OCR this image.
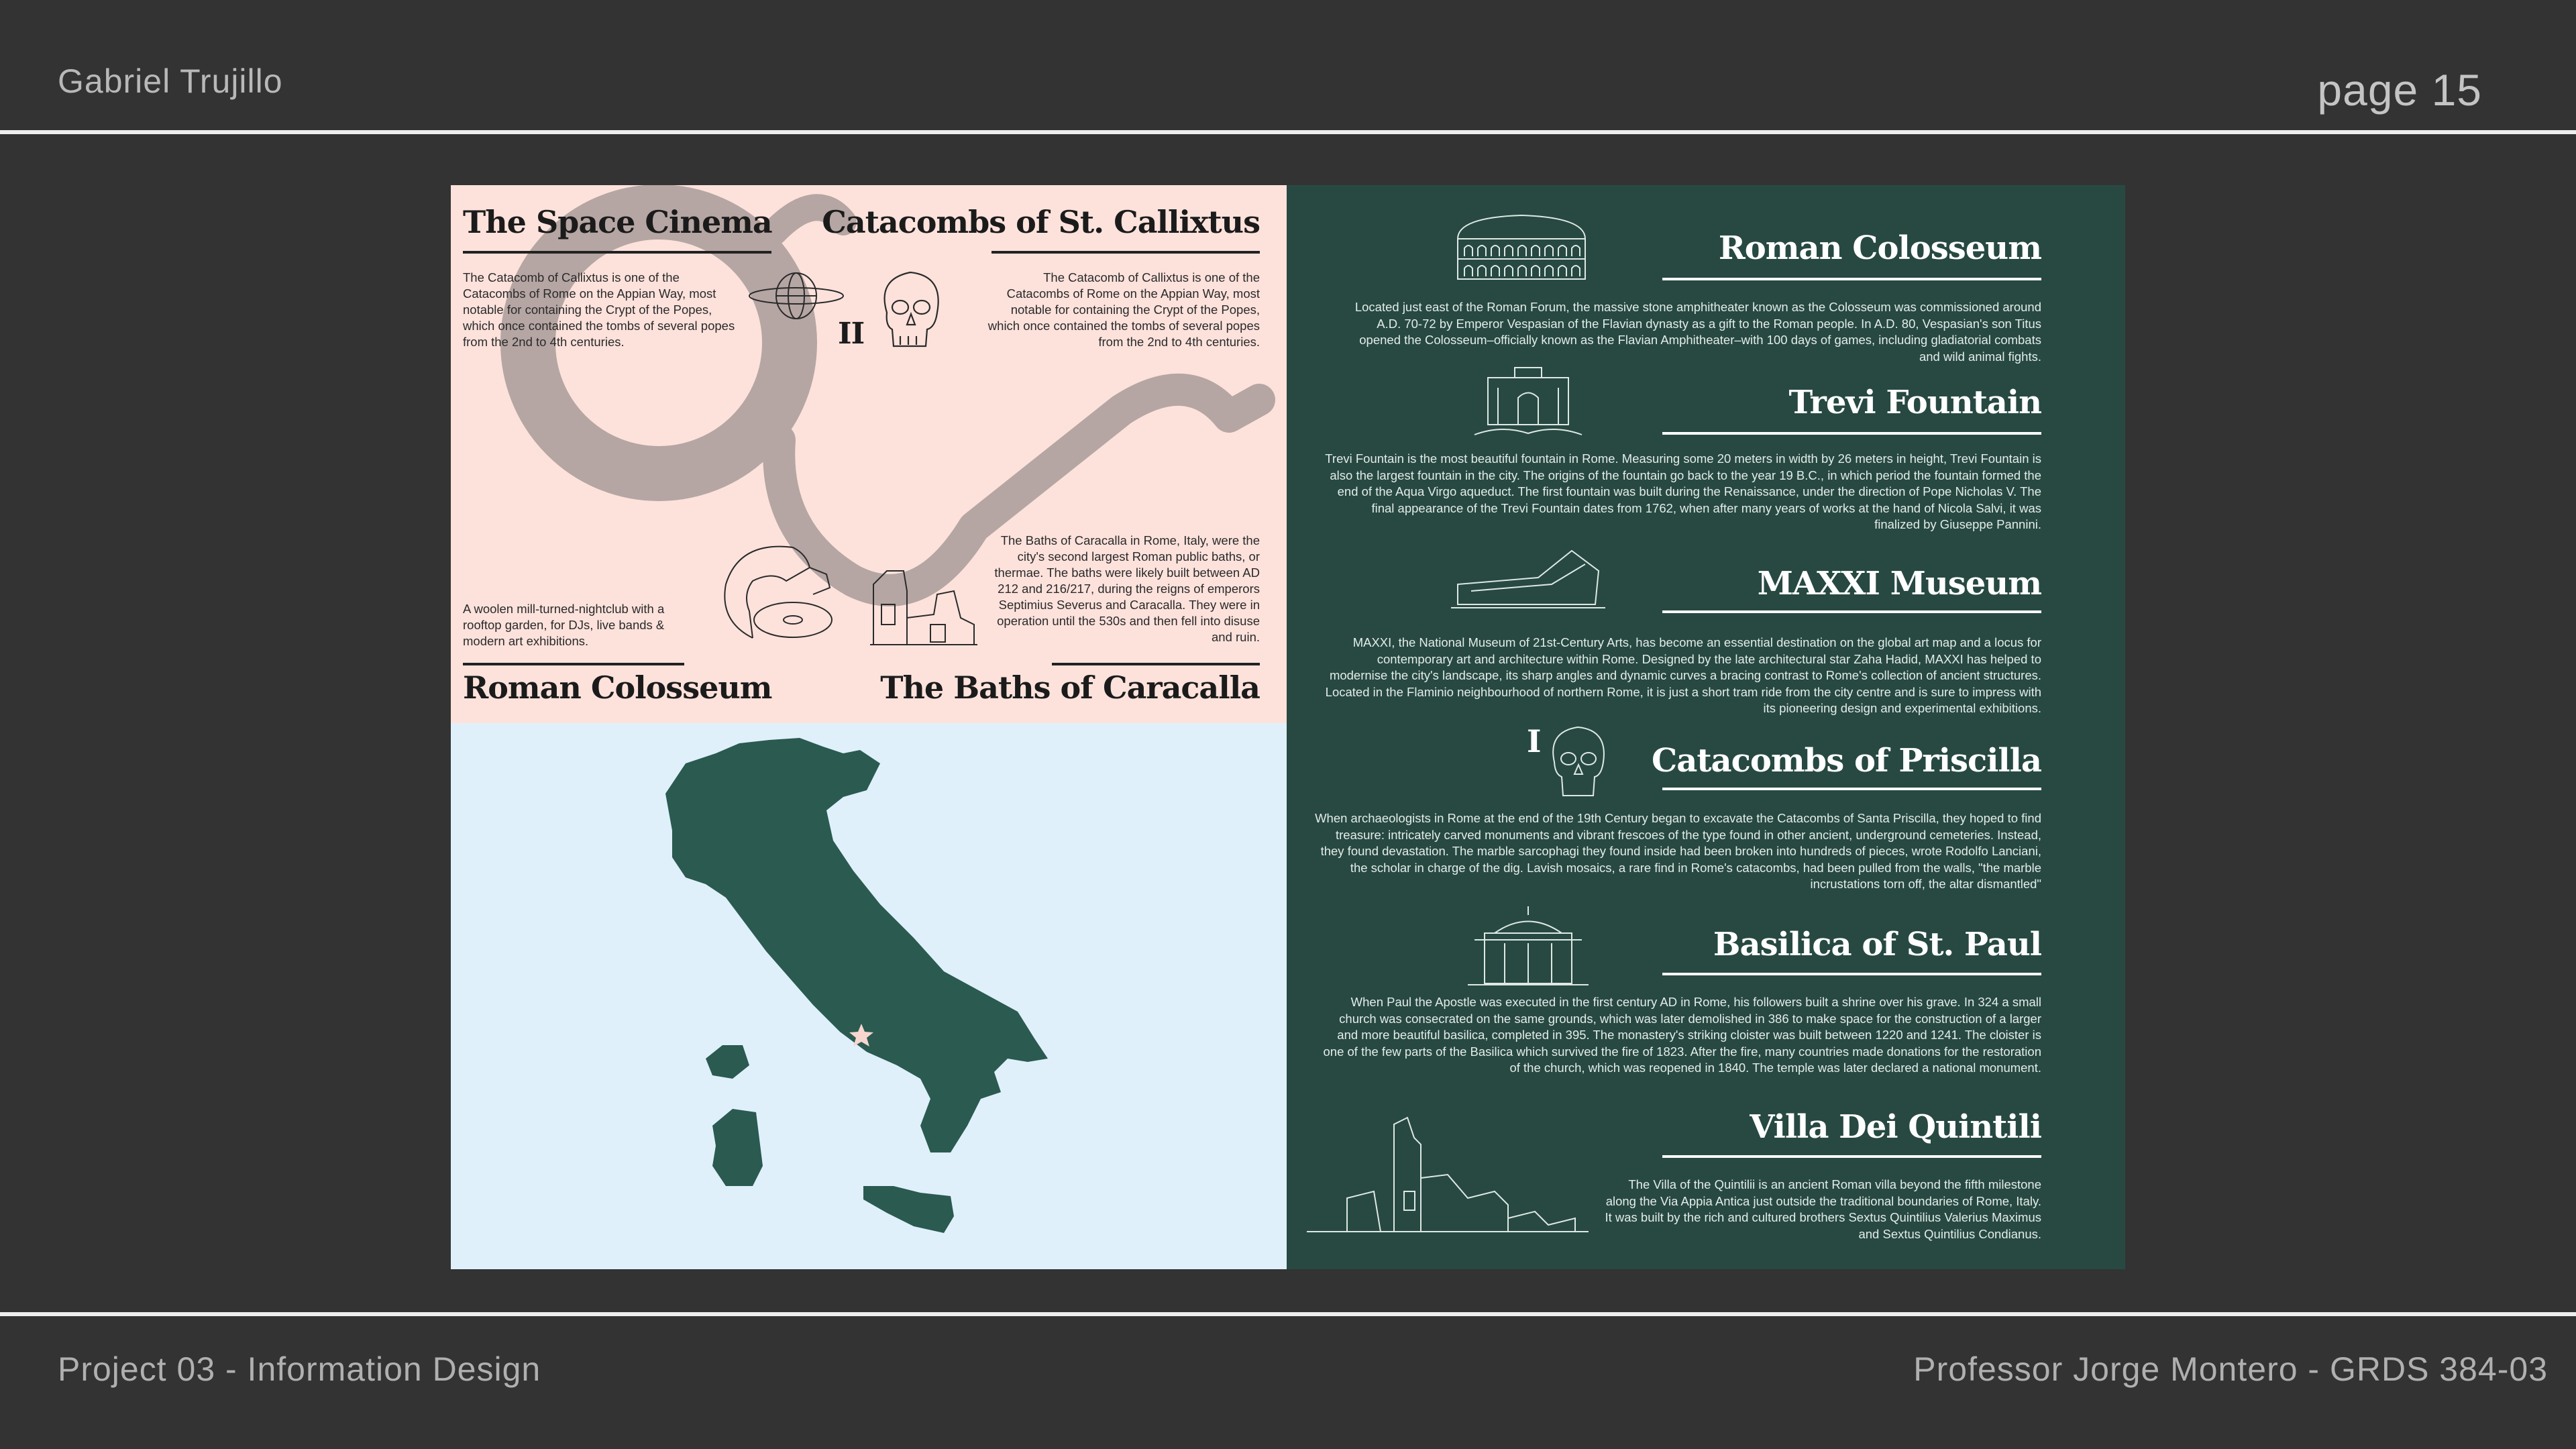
Gabriel Trujillo	page 15
The Space Cinema
The Catacomb of Callixtus is one of the Catacombs of Rome on the Appian Way, most notable for containing the Crypt of the Popes, which once contained the tombs of several popes from the 2nd to 4th centuries.
Catacombs of St. Callixtus
The Catacomb of Callixtus is one of the Catacombs of Rome on the Appian Way, most notable for containing the Crypt of the Popes, which once contained the tombs of several popes from the 2nd to 4th centuries.
II
The Baths of Caracalla in Rome, Italy, were the city's second largest Roman public baths, or thermae. The baths were likely built between AD 212 and 216/217, during the reigns of emperors Septimius Severus and Caracalla. They were in operation until the 530s and then fell into disuse and ruin.
A woolen mill-turned-nightclub with a rooftop garden, for DJs, live bands & modern art exhibitions.
Roman Colosseum	The Baths of Caracalla
I
Roman Colosseum
Located just east of the Roman Forum, the massive stone amphitheater known as the Colosseum was commissioned around A.D. 70-72 by Emperor Vespasian of the Flavian dynasty as a gift to the Roman people. In A.D. 80, Vespasian's son Titus opened the Colosseum–officially known as the Flavian Amphitheater–with 100 days of games, including gladiatorial combats and wild animal fights.
Trevi Fountain
Trevi Fountain is the most beautiful fountain in Rome. Measuring some 20 meters in width by 26 meters in height, Trevi Fountain is also the largest fountain in the city. The origins of the fountain go back to the year 19 B.C., in which period the fountain formed the end of the Aqua Virgo aqueduct. The first fountain was built during the Renaissance, under the direction of Pope Nicholas V. The final appearance of the Trevi Fountain dates from 1762, when after many years of works at the hand of Nicola Salvi, it was finalized by Giuseppe Pannini.
MAXXI Museum
MAXXI, the National Museum of 21st-Century Arts, has become an essential destination on the global art map and a locus for contemporary art and architecture within Rome. Designed by the late architectural star Zaha Hadid, MAXXI has helped to modernise the city's landscape, its sharp angles and dynamic curves a bracing contrast to Rome's collection of ancient structures. Located in the Flaminio neighbourhood of northern Rome, it is just a short tram ride from the city centre and is sure to impress with its pioneering design and experimental exhibitions.
Catacombs of Priscilla
When archaeologists in Rome at the end of the 19th Century began to excavate the Catacombs of Santa Priscilla, they hoped to find treasure: intricately carved monuments and vibrant frescoes of the type found in other ancient, underground cemeteries. Instead, they found devastation. The marble sarcophagi they found inside had been broken into hundreds of pieces, wrote Rodolfo Lanciani, the scholar in charge of the dig. Lavish mosaics, a rare find in Rome's catacombs, had been pulled from the walls, "the marble incrustations torn off, the altar dismantled"
Basilica of St. Paul
When Paul the Apostle was executed in the first century AD in Rome, his followers built a shrine over his grave. In 324 a small church was consecrated on the same grounds, which was later demolished in 386 to make space for the construction of a larger and more beautiful basilica, completed in 395. The monastery's striking cloister was built between 1220 and 1241. The cloister is one of the few parts of the Basilica which survived the fire of 1823. After the fire, many countries made donations for the restoration of the church, which was reopened in 1840. The temple was later declared a national monument.
Villa Dei Quintili
The Villa of the Quintilii is an ancient Roman villa beyond the fifth milestone along the Via Appia Antica just outside the traditional boundaries of Rome, Italy. It was built by the rich and cultured brothers Sextus Quintilius Valerius Maximus and Sextus Quintilius Condianus.
Project 03 - Information Design	Professor Jorge Montero - GRDS 384-03
